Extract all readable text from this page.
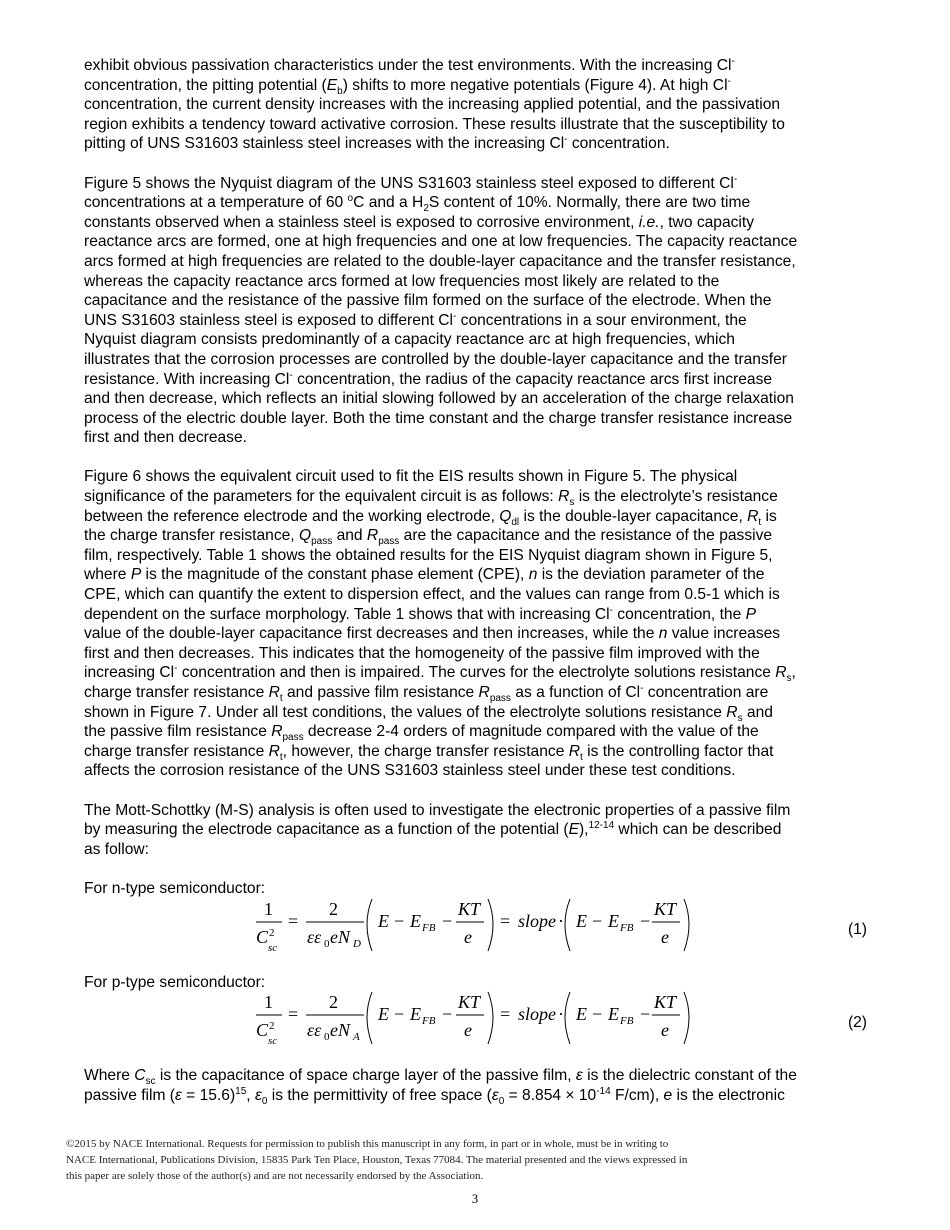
exhibit obvious passivation characteristics under the test environments. With the increasing Cl-
concentration, the pitting potential $(E_b)$ shifts to more negative potentials (Figure 4). At high Cl-
concentration, the current density increases with the increasing applied potential, and the passivation
region exhibits a tendency toward activative corrosion. These results illustrate that the susceptibility to
pitting of UNS S31603 stainless steel increases with the increasing Cl- concentration.

Figure 5 shows the Nyquist diagram of the UNS S31603 stainless steel exposed to different Cl-
concentrations at a temperature of 60 $^o$C and a $H_2S$ content of 10%. Normally, there are two time
constants observed when a stainless steel is exposed to corrosive environment, i.e., two capacity
reactance arcs are formed, one at high frequencies and one at low frequencies. The capacity reactance
arcs formed at high frequencies are related to the double-layer capacitance and the transfer resistance,
whereas the capacity reactance arcs formed at low frequencies most likely are related to the
capacitance and the resistance of the passive film formed on the surface of the electrode. When the
UNS S31603 stainless steel is exposed to different Cl- concentrations in a sour environment, the
Nyquist diagram consists predominantly of a capacity reactance arc at high frequencies, which
illustrates that the corrosion processes are controlled by the double-layer capacitance and the transfer
resistance. With increasing Cl- concentration, the radius of the capacity reactance arcs first increase
and then decrease, which reflects an initial slowing followed by an acceleration of the charge relaxation
process of the electric double layer. Both the time constant and the charge transfer resistance increase
first and then decrease.

Figure 6 shows the equivalent circuit used to fit the EIS results shown in Figure 5. The physical
significance of the parameters for the equivalent circuit is as follows: $R_s$ is the electrolyte’s resistance
between the reference electrode and the working electrode, $Q_{dl}$ is the double-layer capacitance, $R_t$ is
the charge transfer resistance, $Q_{pass}$ and $R_{pass}$ are the capacitance and the resistance of the passive
film, respectively. Table 1 shows the obtained results for the EIS Nyquist diagram shown in Figure 5,
where P is the magnitude of the constant phase element (CPE), n is the deviation parameter of the
CPE, which can quantify the extent to dispersion effect, and the values can range from 0.5-1 which is
dependent on the surface morphology. Table 1 shows that with increasing Cl- concentration, the P
value of the double-layer capacitance first decreases and then increases, while the n value increases
first and then decreases. This indicates that the homogeneity of the passive film improved with the
increasing Cl- concentration and then is impaired. The curves for the electrolyte solutions resistance $R_s$,
charge transfer resistance $R_t$ and passive film resistance $R_{pass}$ as a function of Cl- concentration are
shown in Figure 7. Under all test conditions, the values of the electrolyte solutions resistance $R_s$ and
the passive film resistance $R_{pass}$ decrease 2-4 orders of magnitude compared with the value of the
charge transfer resistance $R_t$, however, the charge transfer resistance $R_t$ is the controlling factor that
affects the corrosion resistance of the UNS S31603 stainless steel under these test conditions.

The Mott-Schottky (M-S) analysis is often used to investigate the electronic properties of a passive film
by measuring the electrode capacitance as a function of the potential (E),$^{12-14}$ which can be described
as follow:

For n-type semiconductor:

1
C 2
sc
=
2
εε 0 eN D
E − E FB −
KT
e
= slope · E − E FB −
KT
e	(1)

For p-type semiconductor:

1
C 2
sc
=
2
εε 0 eN A
E − E FB −
KT
e
= slope · E − E FB −
KT
e	(2)

Where $C_{sc}$ is the capacitance of space charge layer of the passive film, ε is the dielectric constant of the
passive film (ε = 15.6)$^{15}$, $\varepsilon_0$ is the permittivity of free space ($\varepsilon_0 = 8.854 \times 10^{-14}$ F/cm), e is the electronic

©2015 by NACE International. Requests for permission to publish this manuscript in any form, in part or in whole, must be in writing to
NACE International, Publications Division, 15835 Park Ten Place, Houston, Texas 77084. The material presented and the views expressed in
this paper are solely those of the author(s) and are not necessarily endorsed by the Association.
3
